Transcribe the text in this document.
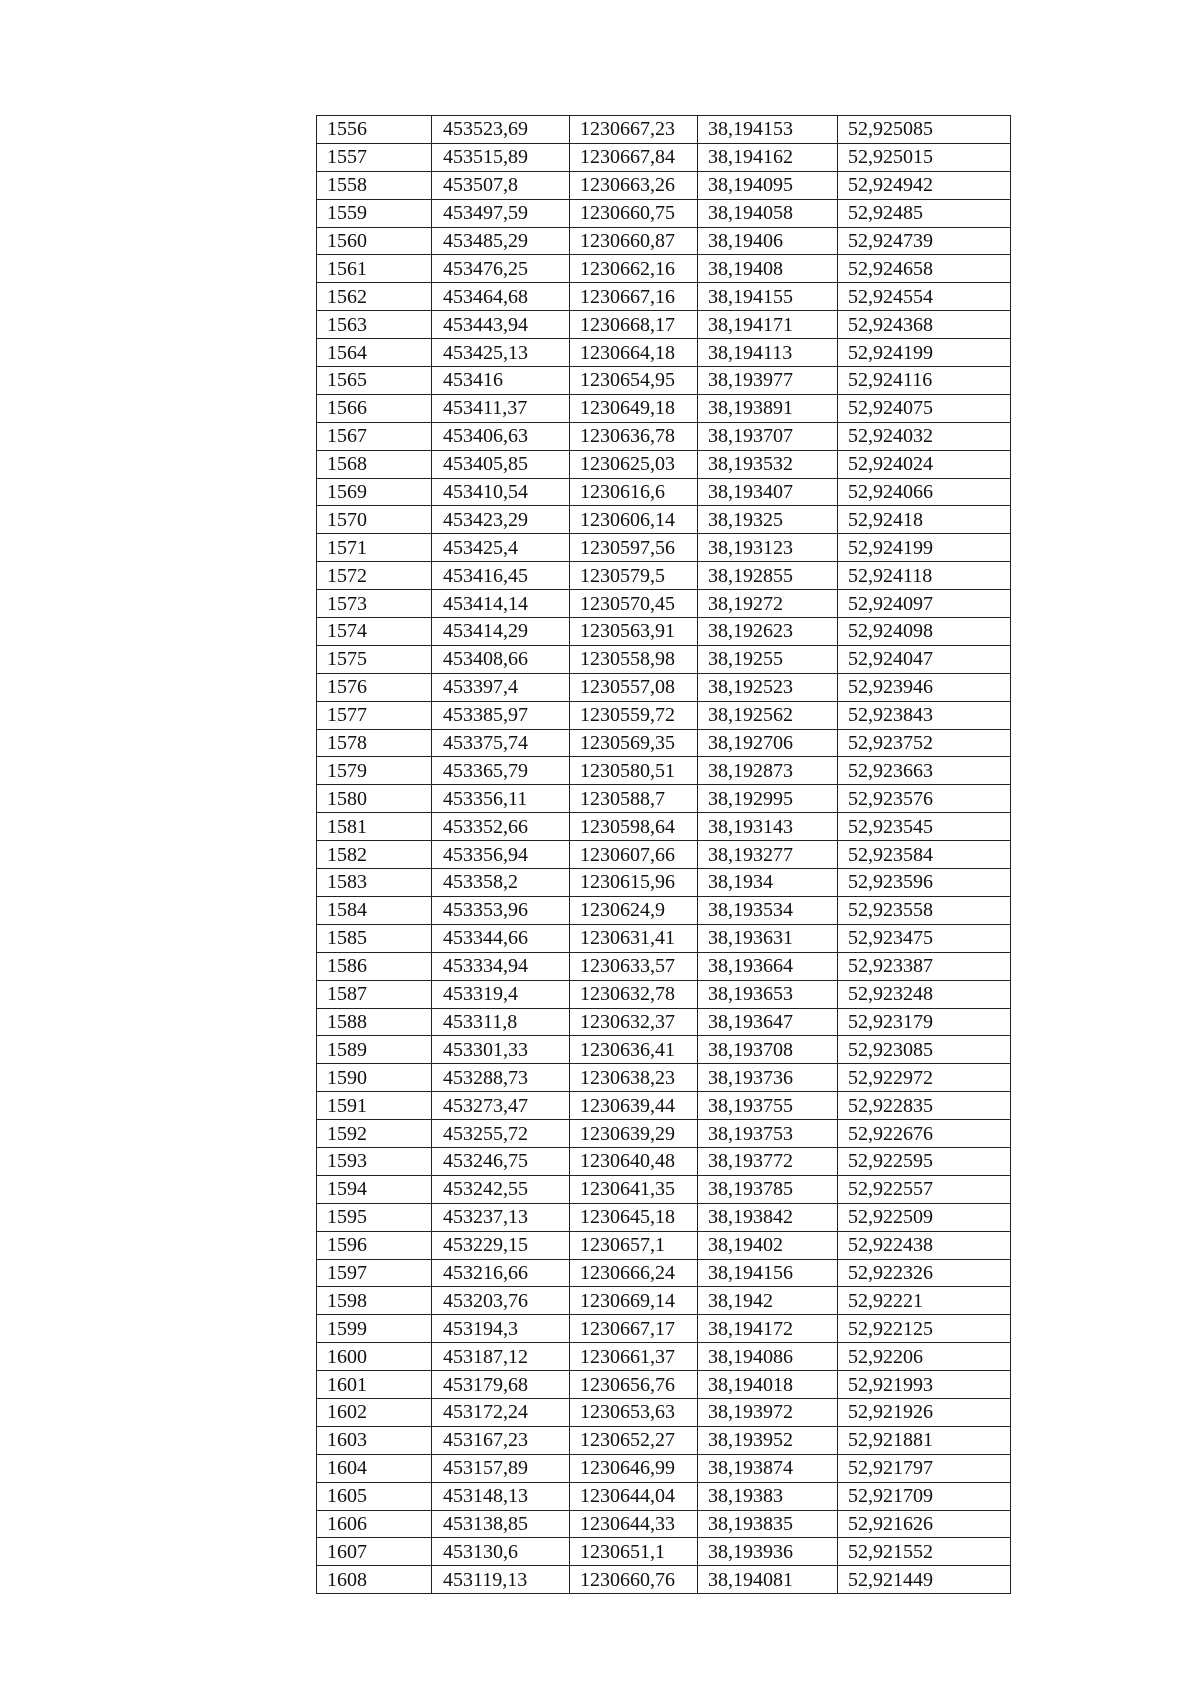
1556	453523,69	1230667,23	38,194153	52,925085
1557	453515,89	1230667,84	38,194162	52,925015
1558	453507,8	1230663,26	38,194095	52,924942
1559	453497,59	1230660,75	38,194058	52,92485
1560	453485,29	1230660,87	38,19406	52,924739
1561	453476,25	1230662,16	38,19408	52,924658
1562	453464,68	1230667,16	38,194155	52,924554
1563	453443,94	1230668,17	38,194171	52,924368
1564	453425,13	1230664,18	38,194113	52,924199
1565	453416	1230654,95	38,193977	52,924116
1566	453411,37	1230649,18	38,193891	52,924075
1567	453406,63	1230636,78	38,193707	52,924032
1568	453405,85	1230625,03	38,193532	52,924024
1569	453410,54	1230616,6	38,193407	52,924066
1570	453423,29	1230606,14	38,19325	52,92418
1571	453425,4	1230597,56	38,193123	52,924199
1572	453416,45	1230579,5	38,192855	52,924118
1573	453414,14	1230570,45	38,19272	52,924097
1574	453414,29	1230563,91	38,192623	52,924098
1575	453408,66	1230558,98	38,19255	52,924047
1576	453397,4	1230557,08	38,192523	52,923946
1577	453385,97	1230559,72	38,192562	52,923843
1578	453375,74	1230569,35	38,192706	52,923752
1579	453365,79	1230580,51	38,192873	52,923663
1580	453356,11	1230588,7	38,192995	52,923576
1581	453352,66	1230598,64	38,193143	52,923545
1582	453356,94	1230607,66	38,193277	52,923584
1583	453358,2	1230615,96	38,1934	52,923596
1584	453353,96	1230624,9	38,193534	52,923558
1585	453344,66	1230631,41	38,193631	52,923475
1586	453334,94	1230633,57	38,193664	52,923387
1587	453319,4	1230632,78	38,193653	52,923248
1588	453311,8	1230632,37	38,193647	52,923179
1589	453301,33	1230636,41	38,193708	52,923085
1590	453288,73	1230638,23	38,193736	52,922972
1591	453273,47	1230639,44	38,193755	52,922835
1592	453255,72	1230639,29	38,193753	52,922676
1593	453246,75	1230640,48	38,193772	52,922595
1594	453242,55	1230641,35	38,193785	52,922557
1595	453237,13	1230645,18	38,193842	52,922509
1596	453229,15	1230657,1	38,19402	52,922438
1597	453216,66	1230666,24	38,194156	52,922326
1598	453203,76	1230669,14	38,1942	52,92221
1599	453194,3	1230667,17	38,194172	52,922125
1600	453187,12	1230661,37	38,194086	52,92206
1601	453179,68	1230656,76	38,194018	52,921993
1602	453172,24	1230653,63	38,193972	52,921926
1603	453167,23	1230652,27	38,193952	52,921881
1604	453157,89	1230646,99	38,193874	52,921797
1605	453148,13	1230644,04	38,19383	52,921709
1606	453138,85	1230644,33	38,193835	52,921626
1607	453130,6	1230651,1	38,193936	52,921552
1608	453119,13	1230660,76	38,194081	52,921449
